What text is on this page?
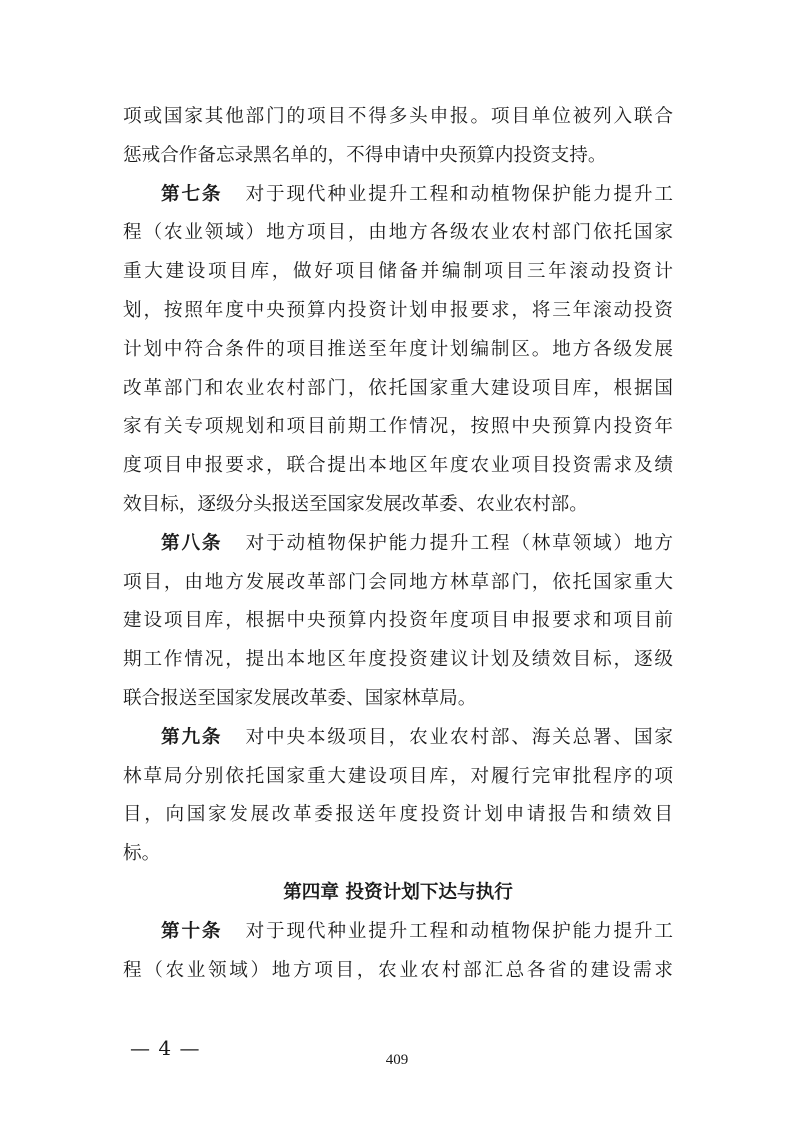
项或国家其他部门的项目不得多头申报。项目单位被列入联合
惩戒合作备忘录黑名单的，不得申请中央预算内投资支持。
第七条 对于现代种业提升工程和动植物保护能力提升工
程（农业领域）地方项目，由地方各级农业农村部门依托国家
重大建设项目库，做好项目储备并编制项目三年滚动投资计
划，按照年度中央预算内投资计划申报要求，将三年滚动投资
计划中符合条件的项目推送至年度计划编制区。地方各级发展
改革部门和农业农村部门，依托国家重大建设项目库，根据国
家有关专项规划和项目前期工作情况，按照中央预算内投资年
度项目申报要求，联合提出本地区年度农业项目投资需求及绩
效目标，逐级分头报送至国家发展改革委、农业农村部。
第八条 对于动植物保护能力提升工程（林草领域）地方
项目，由地方发展改革部门会同地方林草部门，依托国家重大
建设项目库，根据中央预算内投资年度项目申报要求和项目前
期工作情况，提出本地区年度投资建议计划及绩效目标，逐级
联合报送至国家发展改革委、国家林草局。
第九条 对中央本级项目，农业农村部、海关总署、国家
林草局分别依托国家重大建设项目库，对履行完审批程序的项
目，向国家发展改革委报送年度投资计划申请报告和绩效目
标。
第四章 投资计划下达与执行
第十条 对于现代种业提升工程和动植物保护能力提升工
程（农业领域）地方项目，农业农村部汇总各省的建设需求
— 4 —	409
